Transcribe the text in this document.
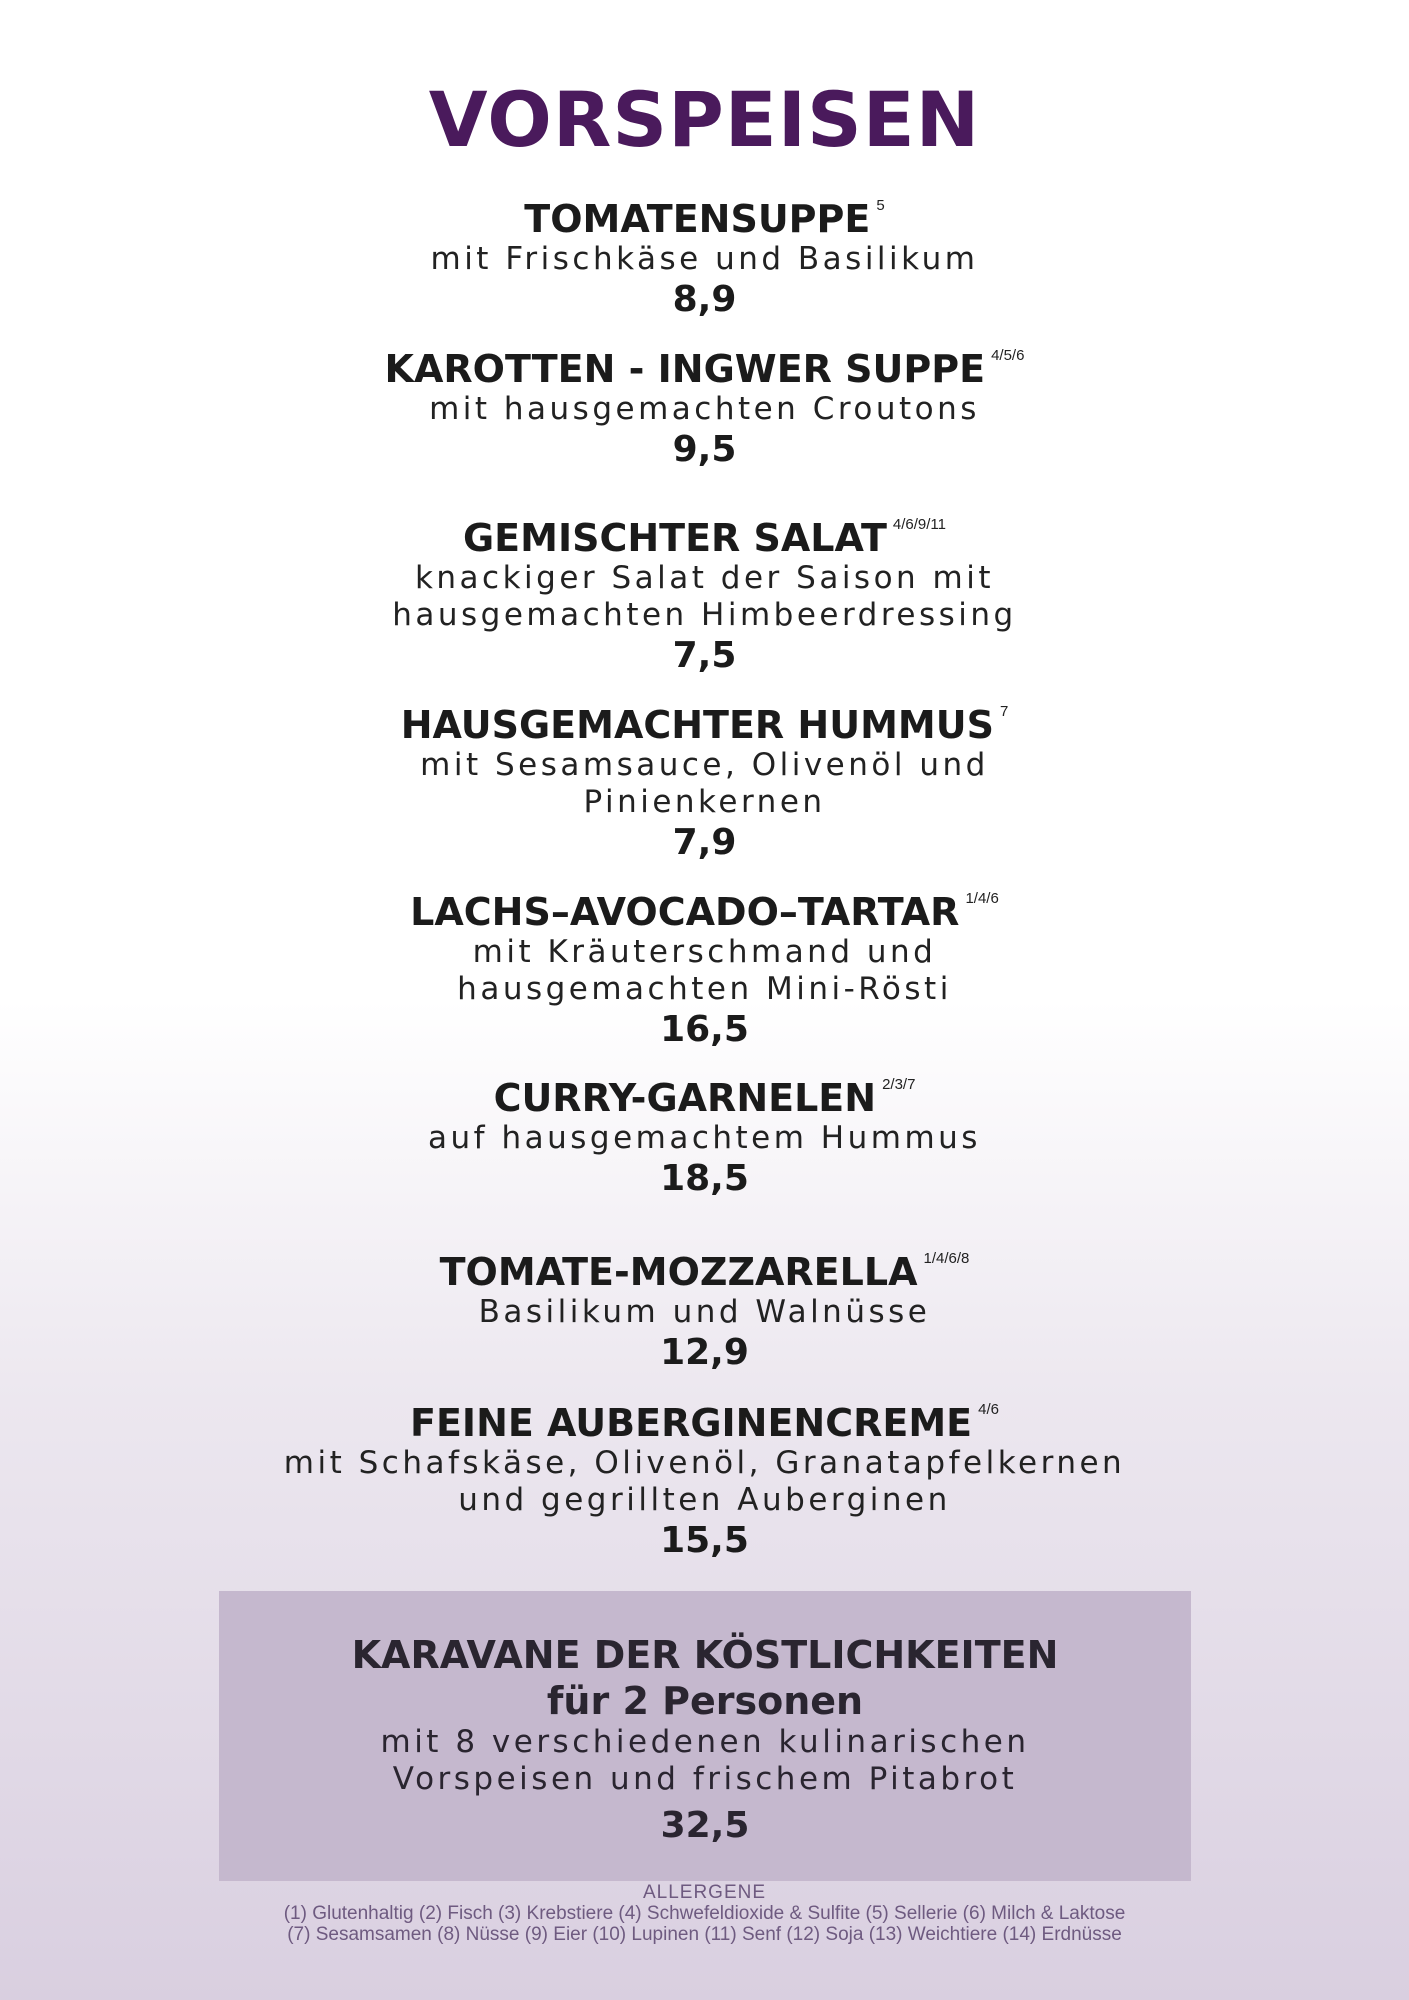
VORSPEISEN
TOMATENSUPPE $^5$
mit Frischkäse und Basilikum
8,9
KAROTTEN - INGWER SUPPE $^{4/5/6}$
mit hausgemachten Croutons
9,5
GEMISCHTER SALAT $^{4/6/9/11}$
knackiger Salat der Saison mit
hausgemachten Himbeerdressing
7,5
HAUSGEMACHTER HUMMUS $^7$
mit Sesamsauce, Olivenöl und
Pinienkernen
7,9
LACHS–AVOCADO–TARTAR $^{1/4/6}$
mit Kräuterschmand und
hausgemachten Mini-Rösti
16,5
CURRY-GARNELEN $^{2/3/7}$
auf hausgemachtem Hummus
18,5
TOMATE-MOZZARELLA $^{1/4/6/8}$
Basilikum und Walnüsse
12,9
FEINE AUBERGINENCREME $^{4/6}$
mit Schafskäse, Olivenöl, Granatapfelkernen
und gegrillten Auberginen
15,5
KARAVANE DER KÖSTLICHKEITEN
für 2 Personen
mit 8 verschiedenen kulinarischen
Vorspeisen und frischem Pitabrot
32,5
ALLERGENE
(1) Glutenhaltig (2) Fisch (3) Krebstiere (4) Schwefeldioxide & Sulfite (5) Sellerie (6) Milch & Laktose
(7) Sesamsamen (8) Nüsse (9) Eier (10) Lupinen (11) Senf (12) Soja (13) Weichtiere (14) Erdnüsse
